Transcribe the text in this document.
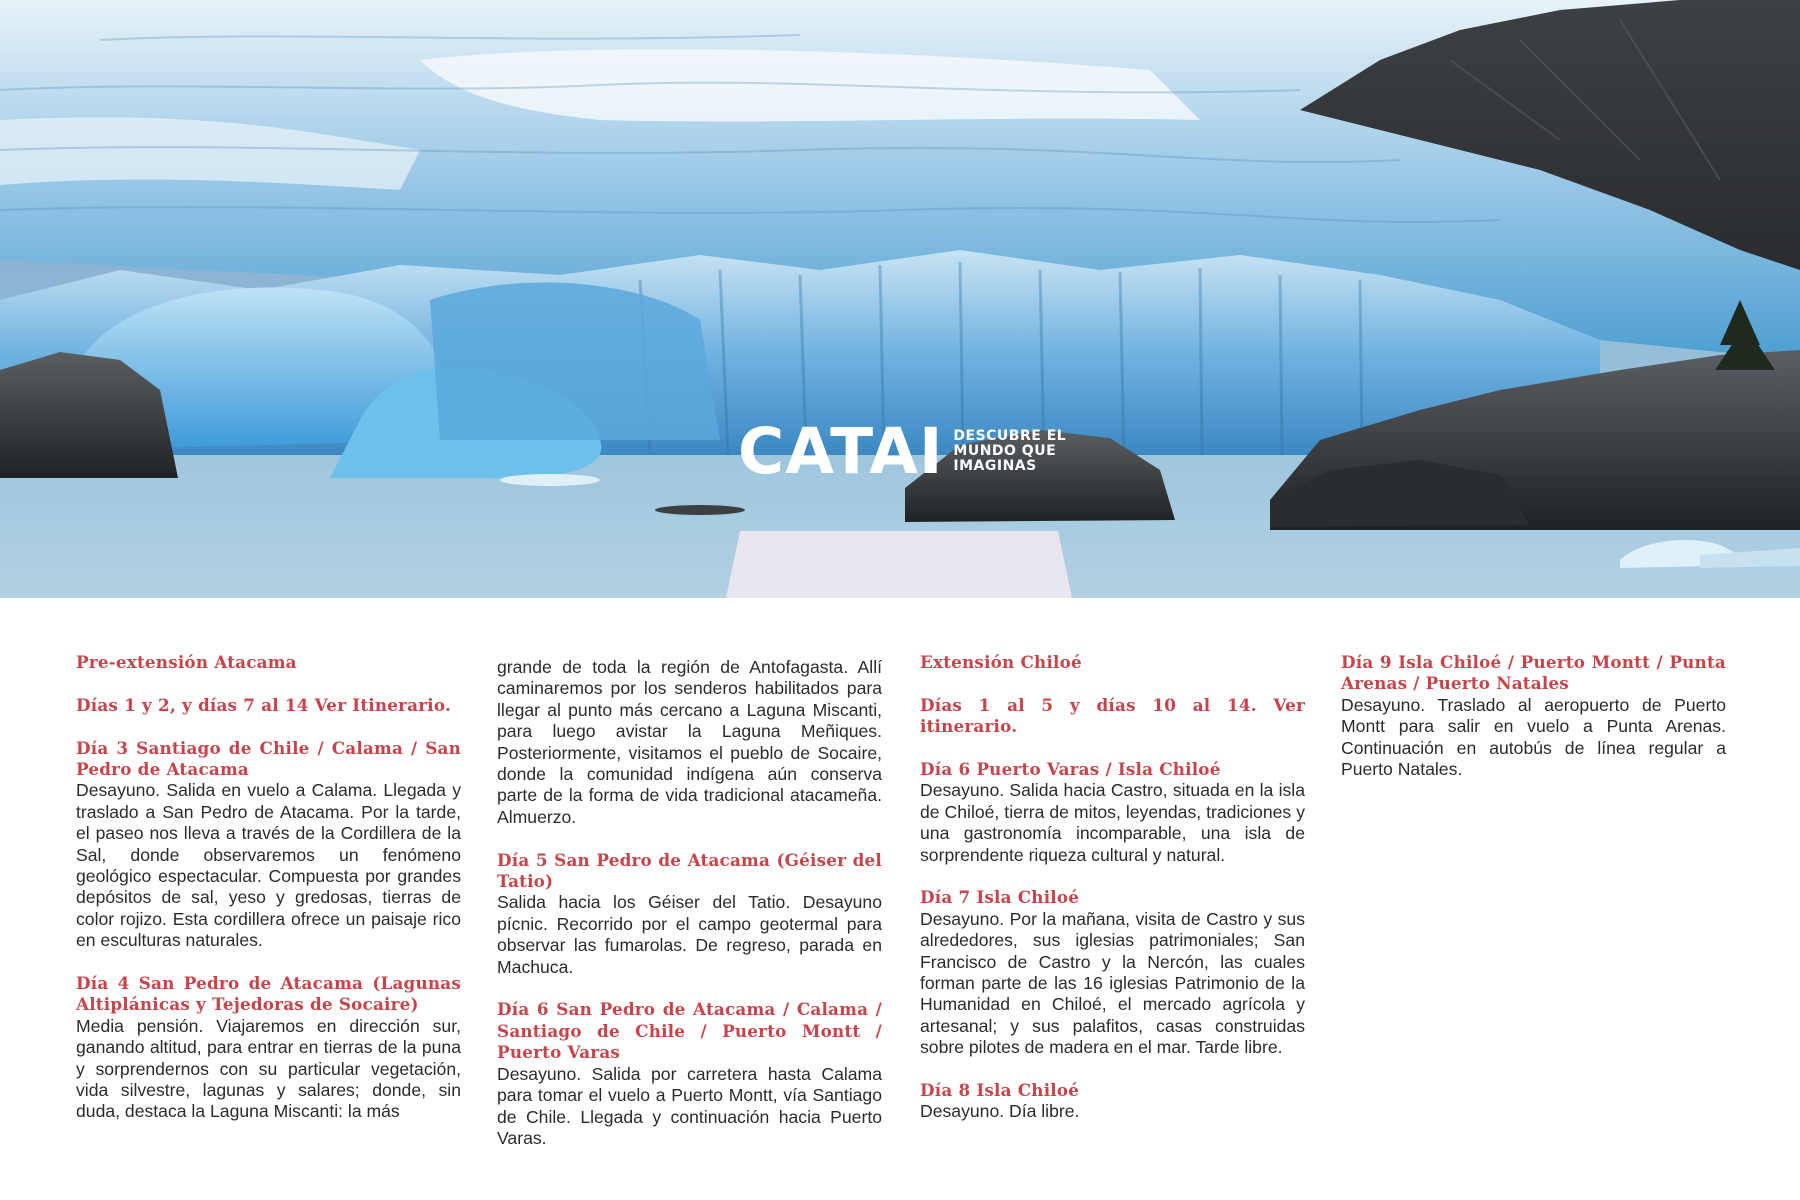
CATAI DESCUBRE EL
MUNDO QUE
IMAGINAS
Pre-extensión Atacama
Días 1 y 2, y días 7 al 14 Ver Itinerario.
Día 3 Santiago de Chile / Calama / San Pedro de Atacama

Desayuno. Salida en vuelo a Calama. Llegada y traslado a San Pedro de Atacama. Por la tarde, el paseo nos lleva a través de la Cordillera de la Sal, donde observaremos un fenómeno geológico espectacular. Compuesta por grandes depósitos de sal, yeso y gredosas, tierras de color rojizo. Esta cordillera ofrece un paisaje rico en esculturas naturales.

Día 4 San Pedro de Atacama (Lagunas Altiplánicas y Tejedoras de Socaire)

Media pensión. Viajaremos en dirección sur, ganando altitud, para entrar en tierras de la puna y sorprendernos con su particular vegetación, vida silvestre, lagunas y salares; donde, sin duda, destaca la Laguna Miscanti: la más

grande de toda la región de Antofagasta. Allí caminaremos por los senderos habilitados para llegar al punto más cercano a Laguna Miscanti, para luego avistar la Laguna Meñiques. Posteriormente, visitamos el pueblo de Socaire, donde la comunidad indígena aún conserva parte de la forma de vida tradicional atacameña. Almuerzo.

Día 5 San Pedro de Atacama (Géiser del Tatio)

Salida hacia los Géiser del Tatio. Desayuno pícnic. Recorrido por el campo geotermal para observar las fumarolas. De regreso, parada en Machuca.

Día 6 San Pedro de Atacama / Calama / Santiago de Chile / Puerto Montt / Puerto Varas

Desayuno. Salida por carretera hasta Calama para tomar el vuelo a Puerto Montt, vía Santiago de Chile. Llegada y continuación hacia Puerto Varas.

Extensión Chiloé
Días 1 al 5 y días 10 al 14. Ver itinerario.
Día 6 Puerto Varas / Isla Chiloé

Desayuno. Salida hacia Castro, situada en la isla de Chiloé, tierra de mitos, leyendas, tradiciones y una gastronomía incomparable, una isla de sorprendente riqueza cultural y natural.

Día 7 Isla Chiloé

Desayuno. Por la mañana, visita de Castro y sus alrededores, sus iglesias patrimoniales; San Francisco de Castro y la Nercón, las cuales forman parte de las 16 iglesias Patrimonio de la Humanidad en Chiloé, el mercado agrícola y artesanal; y sus palafitos, casas construidas sobre pilotes de madera en el mar. Tarde libre.

Día 8 Isla Chiloé

Desayuno. Día libre.

Día 9 Isla Chiloé / Puerto Montt / Punta Arenas / Puerto Natales

Desayuno. Traslado al aeropuerto de Puerto Montt para salir en vuelo a Punta Arenas. Continuación en autobús de línea regular a Puerto Natales.
